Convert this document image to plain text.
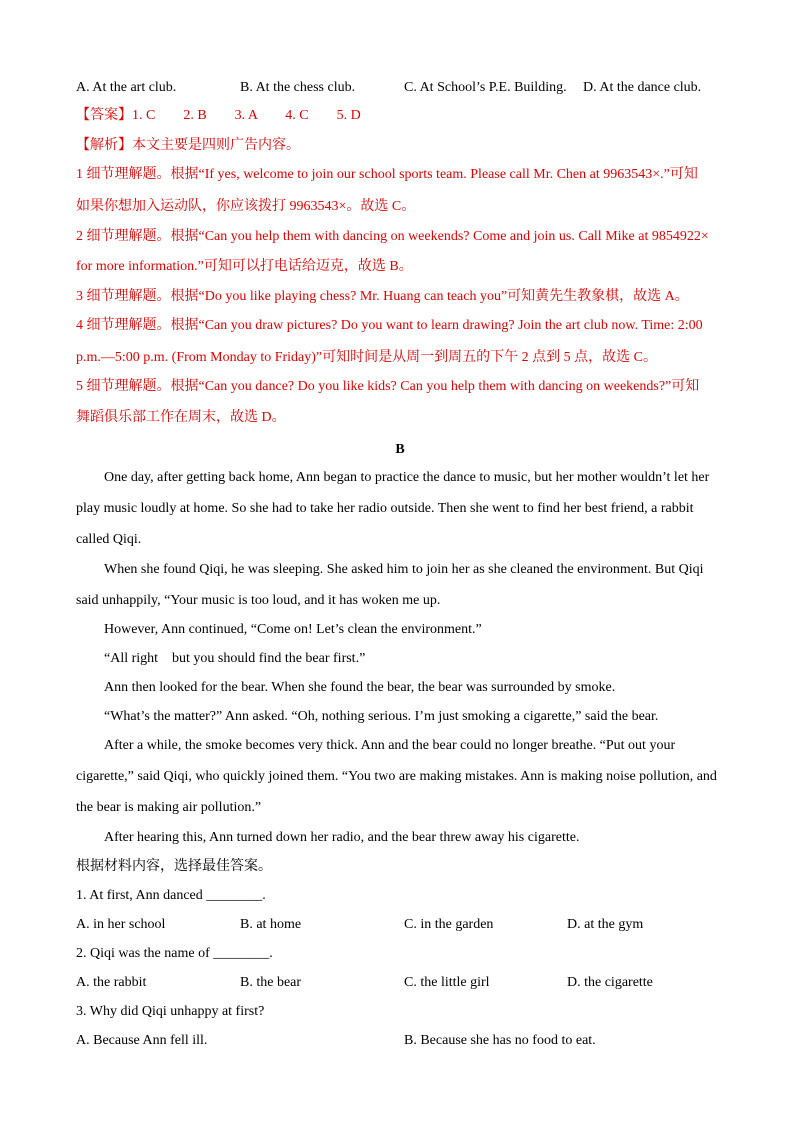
A. At the art club.	B. At the chess club.	C. At School’s P.E. Building. D. At the dance club.
【答案】1. C　　2. B　　3. A　　4. C　　5. D
【解析】本文主要是四则广告内容。
1 细节理解题。根据“If yes, welcome to join our school sports team. Please call Mr. Chen at 9963543×.”可知
如果你想加入运动队，你应该拨打 9963543×。故选 C。
2 细节理解题。根据“Can you help them with dancing on weekends? Come and join us. Call Mike at 9854922×
for more information.”可知可以打电话给迈克，故选 B。
3 细节理解题。根据“Do you like playing chess? Mr. Huang can teach you”可知黄先生教象棋，故选 A。
4 细节理解题。根据“Can you draw pictures? Do you want to learn drawing? Join the art club now. Time: 2:00
p.m.—5:00 p.m. (From Monday to Friday)”可知时间是从周一到周五的下午 2 点到 5 点，故选 C。
5 细节理解题。根据“Can you dance? Do you like kids? Can you help them with dancing on weekends?”可知
舞蹈俱乐部工作在周末，故选 D。
B
One day, after getting back home, Ann began to practice the dance to music, but her mother wouldn’t let her
play music loudly at home. So she had to take her radio outside. Then she went to find her best friend, a rabbit
called Qiqi.
When she found Qiqi, he was sleeping. She asked him to join her as she cleaned the environment. But Qiqi
said unhappily, “Your music is too loud, and it has woken me up.
However, Ann continued, “Come on! Let’s clean the environment.”
“All right　but you should find the bear first.”
Ann then looked for the bear. When she found the bear, the bear was surrounded by smoke.
“What’s the matter?” Ann asked. “Oh, nothing serious. I’m just smoking a cigarette,” said the bear.
After a while, the smoke becomes very thick. Ann and the bear could no longer breathe. “Put out your
cigarette,” said Qiqi, who quickly joined them. “You two are making mistakes. Ann is making noise pollution, and
the bear is making air pollution.”
After hearing this, Ann turned down her radio, and the bear threw away his cigarette.
根据材料内容，选择最佳答案。
1. At first, Ann danced ________.
A. in her school	B. at home	C. in the garden	D. at the gym
2. Qiqi was the name of ________.
A. the rabbit	B. the bear	C. the little girl	D. the cigarette
3. Why did Qiqi unhappy at first?
A. Because Ann fell ill.	B. Because she has no food to eat.
